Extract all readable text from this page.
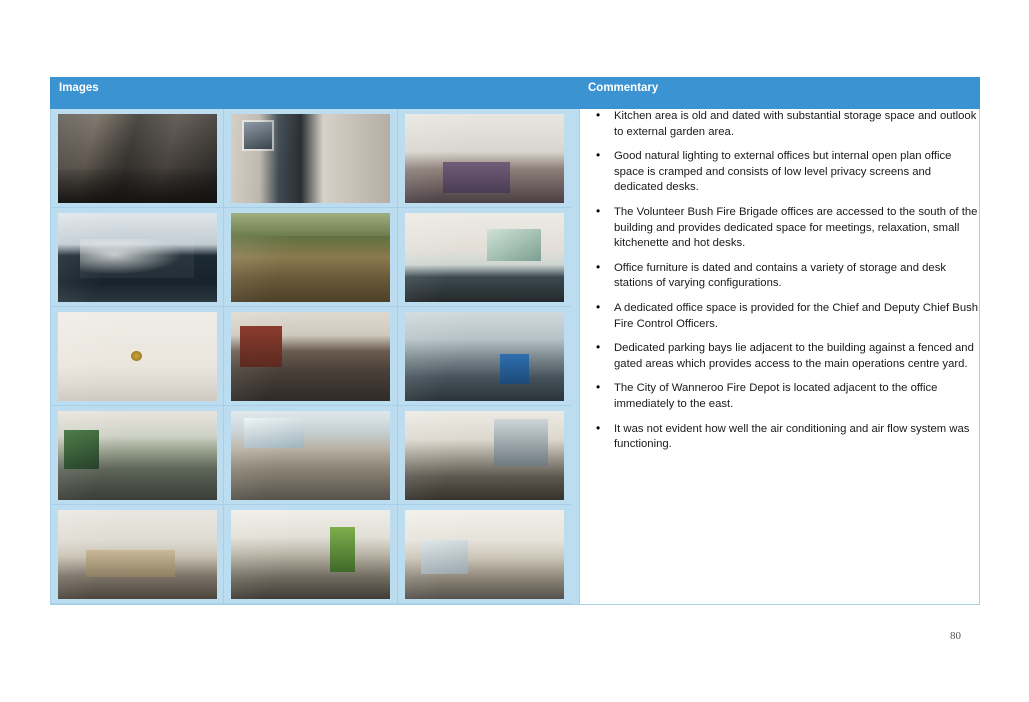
Images	Commentary

• Kitchen area is old and dated with substantial storage space and outlook to external garden area.
• Good natural lighting to external offices but internal open plan office space is cramped and consists of low level privacy screens and dedicated desks.
• The Volunteer Bush Fire Brigade offices are accessed to the south of the building and provides dedicated space for meetings, relaxation, small kitchenette and hot desks.
• Office furniture is dated and contains a variety of storage and desk stations of varying configurations.
• A dedicated office space is provided for the Chief and Deputy Chief Bush Fire Control Officers.
• Dedicated parking bays lie adjacent to the building against a fenced and gated areas which provides access to the main operations centre yard.
• The City of Wanneroo Fire Depot is located adjacent to the office immediately to the east.
• It was not evident how well the air conditioning and air flow system was functioning.
80
